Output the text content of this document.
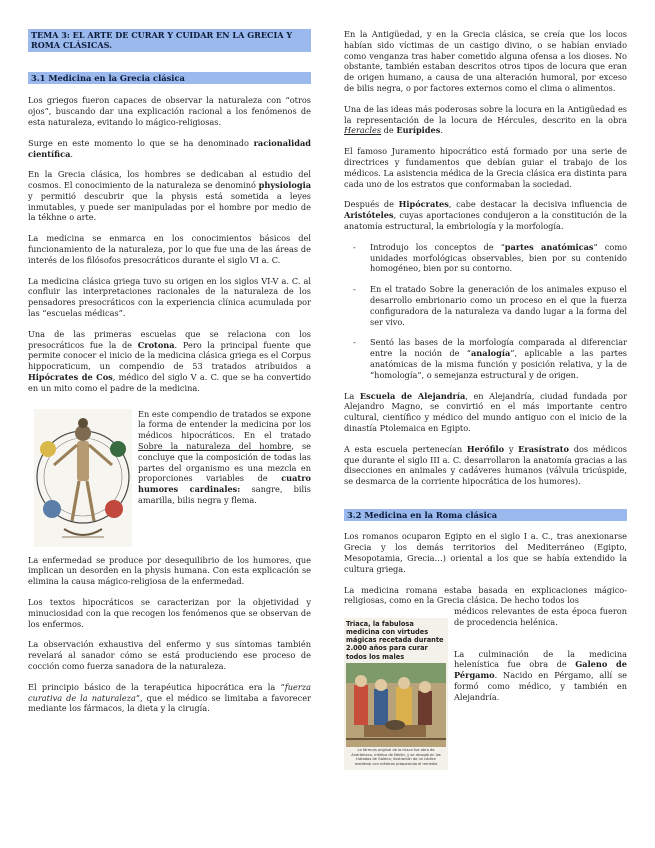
TEMA 3: EL ARTE DE CURAR Y CUIDAR EN LA GRECIA Y ROMA CLÁSICAS.
3.1 Medicina en la Grecia clásica

Los griegos fueron capaces de observar la naturaleza con “otros ojos”, buscando dar una explicación racional a los fenómenos de esta naturaleza, evitando lo mágico-religiosas.

Surge en este momento lo que se ha denominado racionalidad científica.

En la Grecia clásica, los hombres se dedicaban al estudio del cosmos. El conocimiento de la naturaleza se denominó physiologia y permitió descubrir que la physis está sometida a leyes inmutables, y puede ser manipuladas por el hombre por medio de la tékhne o arte.

La medicina se enmarca en los conocimientos básicos del funcionamiento de la naturaleza, por lo que fue una de las áreas de interés de los filósofos presocráticos durante el siglo VI a. C.

La medicina clásica griega tuvo su origen en los siglos VI-V a. C. al confluir las interpretaciones racionales de la naturaleza de los pensadores presocráticos con la experiencia clínica acumulada por las “escuelas médicas”.

Una de las primeras escuelas que se relaciona con los presocráticos fue la de Crotona. Pero la principal fuente que permite conocer el inicio de la medicina clásica griega es el Corpus hippocraticum, un compendio de 53 tratados atribuidos a Hipócrates de Cos, médico del siglo V a. C. que se ha convertido en un mito como el padre de la medicina.

En este compendio de tratados se expone la forma de entender la medicina por los médicos hipocráticos. En el tratado Sobre la naturaleza del hombre, se concluye que la composición de todas las partes del organismo es una mezcla en proporciones variables de cuatro humores cardinales: sangre, bilis amarilla, bilis negra y flema.

La enfermedad se produce por desequilibrio de los humores, que implican un desorden en la physis humana. Con esta explicación se elimina la causa mágico-religiosa de la enfermedad.

Los textos hipocráticos se caracterizan por la objetividad y minuciosidad con la que recogen los fenómenos que se observan de los enfermos.

La observación exhaustiva del enfermo y sus síntomas también revelará al sanador cómo se está produciendo ese proceso de cocción como fuerza sanadora de la naturaleza.

El principio básico de la terapéutica hipocrática era la “fuerza curativa de la naturaleza”, que el médico se limitaba a favorecer mediante los fármacos, la dieta y la cirugía.

En la Antigüedad, y en la Grecia clásica, se creía que los locos habían sido víctimas de un castigo divino, o se habían enviado como venganza tras haber cometido alguna ofensa a los dioses. No obstante, también estaban descritos otros tipos de locura que eran de origen humano, a causa de una alteración humoral, por exceso de bilis negra, o por factores externos como el clima o alimentos.

Una de las ideas más poderosas sobre la locura en la Antigüedad es la representación de la locura de Hércules, descrito en la obra Heracles de Eurípides.

El famoso Juramento hipocrático está formado por una serie de directrices y fundamentos que debían guiar el trabajo de los médicos. La asistencia médica de la Grecia clásica era distinta para cada uno de los estratos que conformaban la sociedad.

Después de Hipócrates, cabe destacar la decisiva influencia de Aristóteles, cuyas aportaciones condujeron a la constitución de la anatomía estructural, la embriología y la morfología.

- Introdujo los conceptos de “partes anatómicas” como unidades morfológicas observables, bien por su contenido homogéneo, bien por su contorno.
- En el tratado Sobre la generación de los animales expuso el desarrollo embrionario como un proceso en el que la fuerza configuradora de la naturaleza va dando lugar a la forma del ser vivo.
- Sentó las bases de la morfología comparada al diferenciar entre la noción de “analogía”, aplicable a las partes anatómicas de la misma función y posición relativa, y la de “homología”, o semejanza estructural y de origen.

La Escuela de Alejandría, en Alejandría, ciudad fundada por Alejandro Magno, se convirtió en el más importante centro cultural, científico y médico del mundo antiguo con el inicio de la dinastía Ptolemaica en Egipto.

A esta escuela pertenecían Herófilo y Erasístrato dos médicos que durante el siglo III a. C. desarrollaron la anatomía gracias a las disecciones en animales y cadáveres humanos (válvula tricúspide, se desmarca de la corriente hipocrática de los humores).

3.2 Medicina en la Roma clásica

Los romanos ocuparon Egipto en el siglo I a. C., tras anexionarse Grecia y los demás territorios del Mediterráneo (Egipto, Mesopotamia, Grecia…) oriental a los que se había extendido la cultura griega.

La medicina romana estaba basada en explicaciones mágico-religiosas, como en la Grecia clásica. De hecho todos los

médicos relevantes de esta época fueron de procedencia helénica.

Triaca, la fabulosa medicina con virtudes mágicas recetada durante 2.000 años para curar todos los males
La fórmula original de la triaca fue obra de Andrómaco, médico de Nerón, y se recogió en los tratados de Galeno; ilustración de un códice medieval con médicos preparando el remedio

La culminación de la medicina helenística fue obra de Galeno de Pérgamo. Nacido en Pérgamo, allí se formó como médico, y también en Alejandría.
